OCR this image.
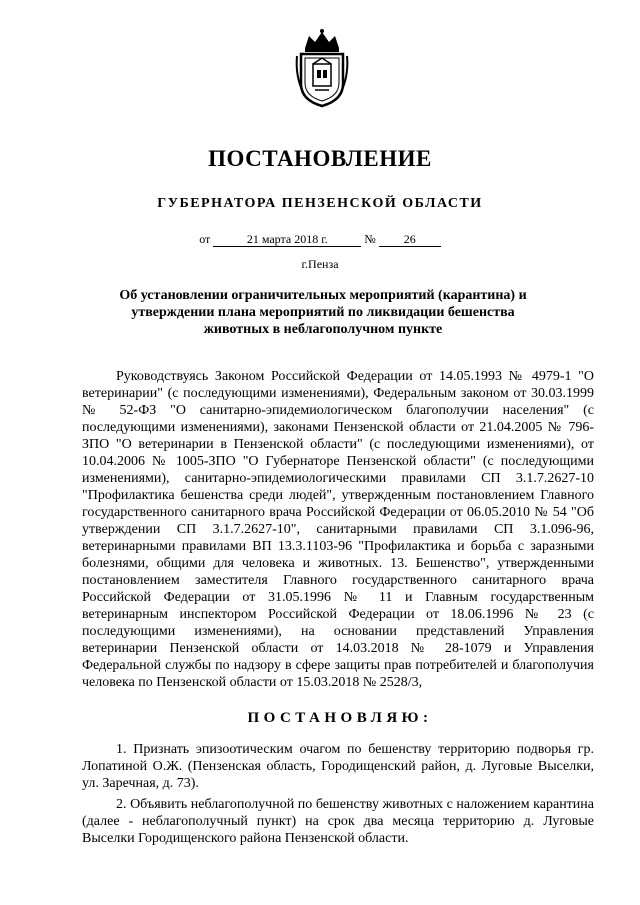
ПОСТАНОВЛЕНИЕ
ГУБЕРНАТОРА ПЕНЗЕНСКОЙ ОБЛАСТИ
от	21 марта 2018 г.	№ 26
г.Пенза
Об установлении ограничительных мероприятий (карантина) и утверждении плана мероприятий по ликвидации бешенства животных в неблагополучном пункте

Руководствуясь Законом Российской Федерации от 14.05.1993 № 4979-1 "О ветеринарии" (с последующими изменениями), Федеральным законом от 30.03.1999 № 52-ФЗ "О санитарно-эпидемиологическом благополучии населения" (с последующими изменениями), законами Пензенской области от 21.04.2005 № 796-ЗПО "О ветеринарии в Пензенской области" (с последующими изменениями), от 10.04.2006 № 1005-ЗПО "О Губернаторе Пензенской области" (с последующими изменениями), санитарно-эпидемиологическими правилами СП 3.1.7.2627-10 "Профилактика бешенства среди людей", утвержденным постановлением Главного государственного санитарного врача Российской Федерации от 06.05.2010 № 54 "Об утверждении СП 3.1.7.2627-10", санитарными правилами СП 3.1.096-96, ветеринарными правилами ВП 13.3.1103-96 "Профилактика и борьба с заразными болезнями, общими для человека и животных. 13. Бешенство", утвержденными постановлением заместителя Главного государственного санитарного врача Российской Федерации от 31.05.1996 № 11 и Главным государственным ветеринарным инспектором Российской Федерации от 18.06.1996 № 23 (с последующими изменениями), на основании представлений Управления ветеринарии Пензенской области от 14.03.2018 № 28-1079 и Управления Федеральной службы по надзору в сфере защиты прав потребителей и благополучия человека по Пензенской области от 15.03.2018 № 2528/3,

ПОСТАНОВЛЯЮ:

1. Признать эпизоотическим очагом по бешенству территорию подворья гр. Лопатиной О.Ж. (Пензенская область, Городищенский район, д. Луговые Выселки, ул. Заречная, д. 73).

2. Объявить неблагополучной по бешенству животных с наложением карантина (далее - неблагополучный пункт) на срок два месяца территорию д. Луговые Выселки Городищенского района Пензенской области.
